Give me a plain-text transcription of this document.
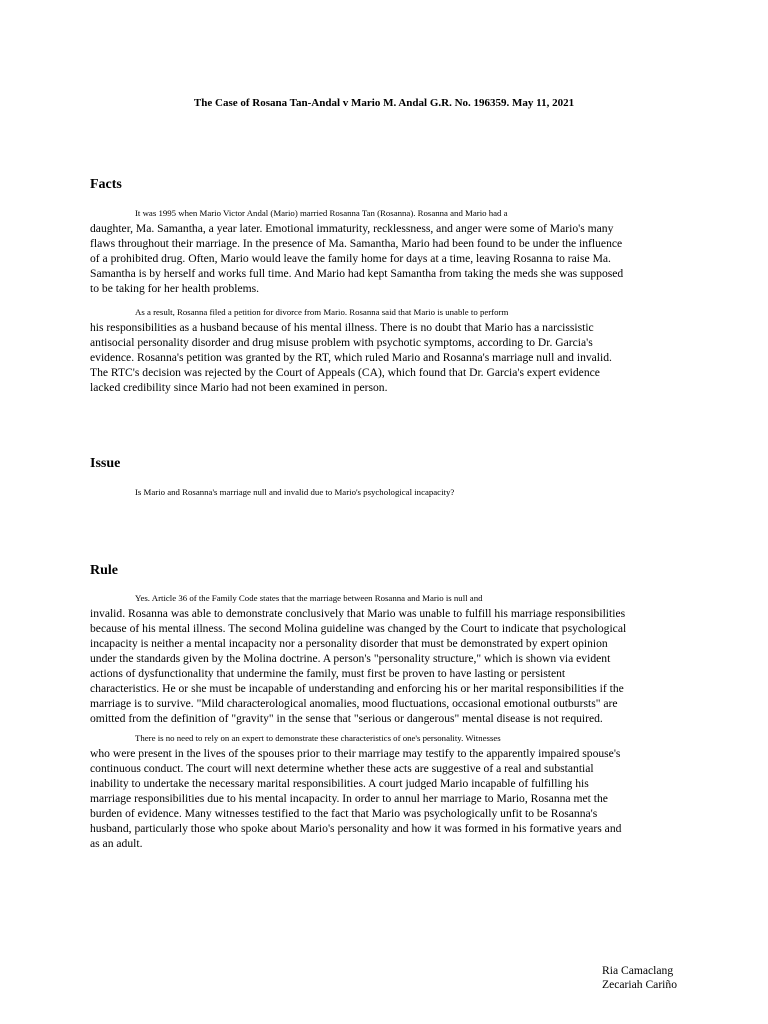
The Case of Rosana Tan-Andal v Mario M. Andal G.R. No. 196359. May 11, 2021
Facts

It was 1995 when Mario Victor Andal (Mario) married Rosanna Tan (Rosanna). Rosanna and Mario had a
daughter, Ma. Samantha, a year later. Emotional immaturity, recklessness, and anger were some of Mario's many
flaws throughout their marriage. In the presence of Ma. Samantha, Mario had been found to be under the influence
of a prohibited drug. Often, Mario would leave the family home for days at a time, leaving Rosanna to raise Ma.
Samantha is by herself and works full time. And Mario had kept Samantha from taking the meds she was supposed
to be taking for her health problems.

As a result, Rosanna filed a petition for divorce from Mario. Rosanna said that Mario is unable to perform
his responsibilities as a husband because of his mental illness. There is no doubt that Mario has a narcissistic
antisocial personality disorder and drug misuse problem with psychotic symptoms, according to Dr. Garcia's
evidence. Rosanna's petition was granted by the RT, which ruled Mario and Rosanna's marriage null and invalid.
The RTC's decision was rejected by the Court of Appeals (CA), which found that Dr. Garcia's expert evidence
lacked credibility since Mario had not been examined in person.

Issue

Is Mario and Rosanna's marriage null and invalid due to Mario's psychological incapacity?

Rule

Yes. Article 36 of the Family Code states that the marriage between Rosanna and Mario is null and
invalid. Rosanna was able to demonstrate conclusively that Mario was unable to fulfill his marriage responsibilities
because of his mental illness. The second Molina guideline was changed by the Court to indicate that psychological
incapacity is neither a mental incapacity nor a personality disorder that must be demonstrated by expert opinion
under the standards given by the Molina doctrine. A person's "personality structure," which is shown via evident
actions of dysfunctionality that undermine the family, must first be proven to have lasting or persistent
characteristics. He or she must be incapable of understanding and enforcing his or her marital responsibilities if the
marriage is to survive. "Mild characterological anomalies, mood fluctuations, occasional emotional outbursts" are
omitted from the definition of "gravity" in the sense that "serious or dangerous" mental disease is not required.

There is no need to rely on an expert to demonstrate these characteristics of one's personality. Witnesses
who were present in the lives of the spouses prior to their marriage may testify to the apparently impaired spouse's
continuous conduct. The court will next determine whether these acts are suggestive of a real and substantial
inability to undertake the necessary marital responsibilities. A court judged Mario incapable of fulfilling his
marriage responsibilities due to his mental incapacity. In order to annul her marriage to Mario, Rosanna met the
burden of evidence. Many witnesses testified to the fact that Mario was psychologically unfit to be Rosanna's
husband, particularly those who spoke about Mario's personality and how it was formed in his formative years and
as an adult.

Ria Camaclang
Zecariah Cariño
